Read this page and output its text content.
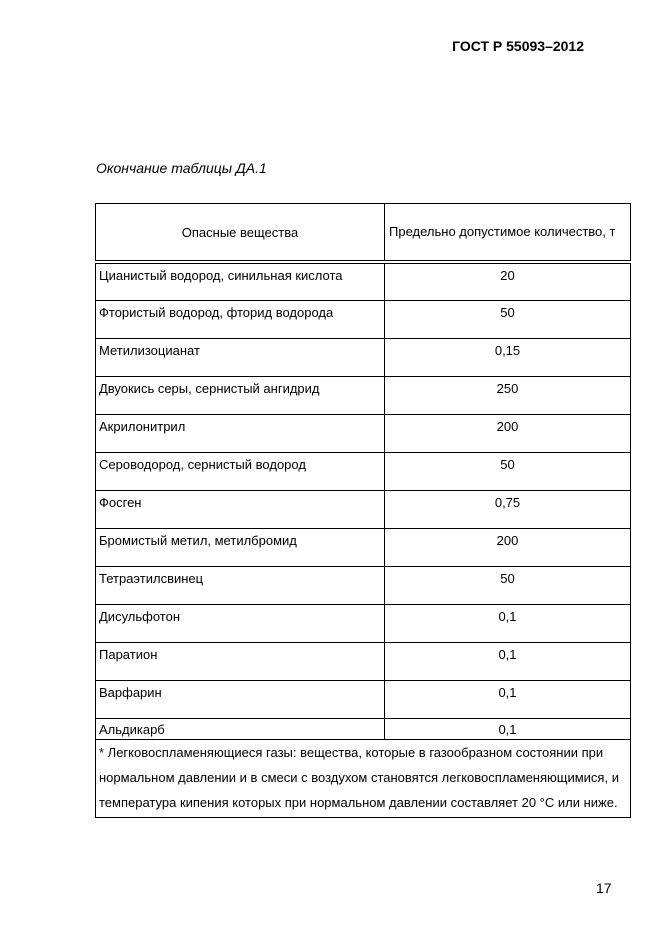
ГОСТ Р 55093–2012
Окончание таблицы ДА.1
Опасные вещества	Предельно допустимое количество, т
Цианистый водород, синильная кислота	20
Фтористый водород, фторид водорода	50
Метилизоцианат	0,15
Двуокись серы, сернистый ангидрид	250
Акрилонитрил	200
Сероводород, сернистый водород	50
Фосген	0,75
Бромистый метил, метилбромид	200
Тетраэтилсвинец	50
Дисульфотон	0,1
Паратион	0,1
Варфарин	0,1
Альдикарб	0,1
* Легковоспламеняющиеся газы: вещества, которые в газообразном состоянии при нормальном давлении и в смеси с воздухом становятся легковоспламеняющимися, и температура кипения которых при нормальном давлении составляет 20 °С или ниже.	
17
